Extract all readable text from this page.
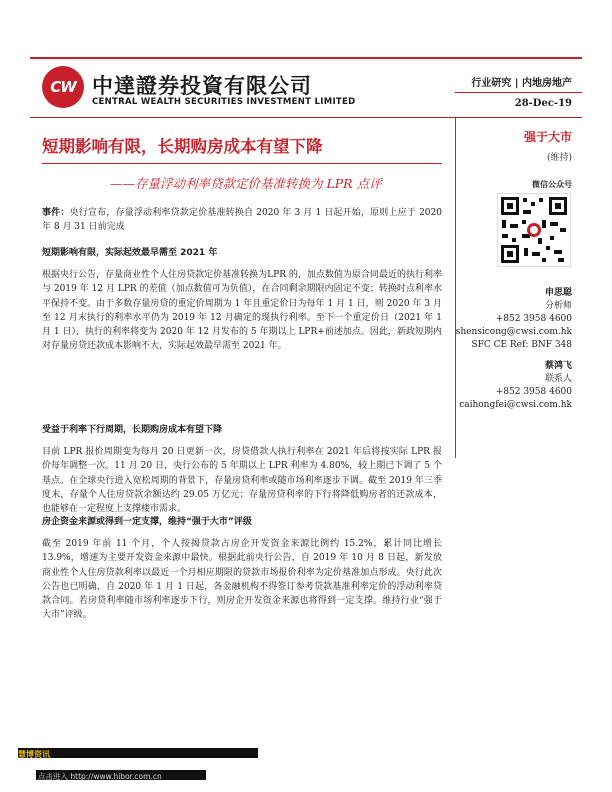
CW 中達證券投資有限公司
CENTRAL WEALTH SECURITIES INVESTMENT LIMITED
行业研究 | 内地房地产
28-Dec-19
短期影响有限，长期购房成本有望下降
——存量浮动利率贷款定价基准转换为 LPR 点评
事件：央行宣布，存量浮动利率贷款定价基准转换自 2020 年 3 月 1 日起开始，原则上应于 2020 年 8 月 31 日前完成
短期影响有限，实际起效最早需至 2021 年
根据央行公告，存量商业性个人住房贷款定价基准转换为LPR 的，加点数值为原合同最近的执行利率与 2019 年 12 月 LPR 的差值（加点数值可为负值），在合同剩余期限内固定不变；转换时点利率水平保持不变。由于多数存量房贷的重定价周期为 1 年且重定价日为每年 1 月 1 日，则 2020 年 3 月至 12 月末执行的利率水平仍为 2019 年 12 月确定的现执行利率。至下一个重定价日（2021 年 1 月 1 日），执行的利率将变为 2020 年 12 月发布的 5 年期以上 LPR+前述加点。因此，新政短期内对存量房贷还款成本影响不大，实际起效最早需至 2021 年。
受益于利率下行周期，长期购房成本有望下降
目前 LPR 报价周期变为每月 20 日更新一次，房贷借款人执行利率在 2021 年后将按实际 LPR 报价每年调整一次。11 月 20 日，央行公布的 5 年期以上 LPR 利率为 4.80%，较上期已下调了 5 个基点。在全球央行进入宽松周期的背景下，存量房贷利率或随市场利率逐步下调。截至 2019 年三季度末，存量个人住房贷款余额达约 29.05 万亿元；存量房贷利率的下行将降低购房者的还款成本，也能够在一定程度上支撑楼市需求。
房企资金来源或得到一定支撑，维持“强于大市”评级
截至 2019 年前 11 个月，个人按揭贷款占房企开发资金来源比例约 15.2%，累计同比增长 13.9%，增速为主要开发资金来源中最快。根据此前央行公告，自 2019 年 10 月 8 日起，新发放商业性个人住房贷款利率以最近一个月相应期限的贷款市场报价利率为定价基准加点形成。央行此次公告也已明确，自 2020 年 1 月 1 日起，各金融机构不得签订参考贷款基准利率定价的浮动利率贷款合同。若房贷利率随市场利率逐步下行，则房企开发资金来源也将得到一定支撑。维持行业“强于大市”评级。
强于大市
(维持)
微信公众号
申思聪
分析师
+852 3958 4600
shensicong@cwsi.com.hk
SFC CE Ref: BNF 348
蔡鸿飞
联系人
+852 3958 4600
caihongfei@cwsi.com.hk
慧博资讯
点击进入 http://www.hibor.com.cn
